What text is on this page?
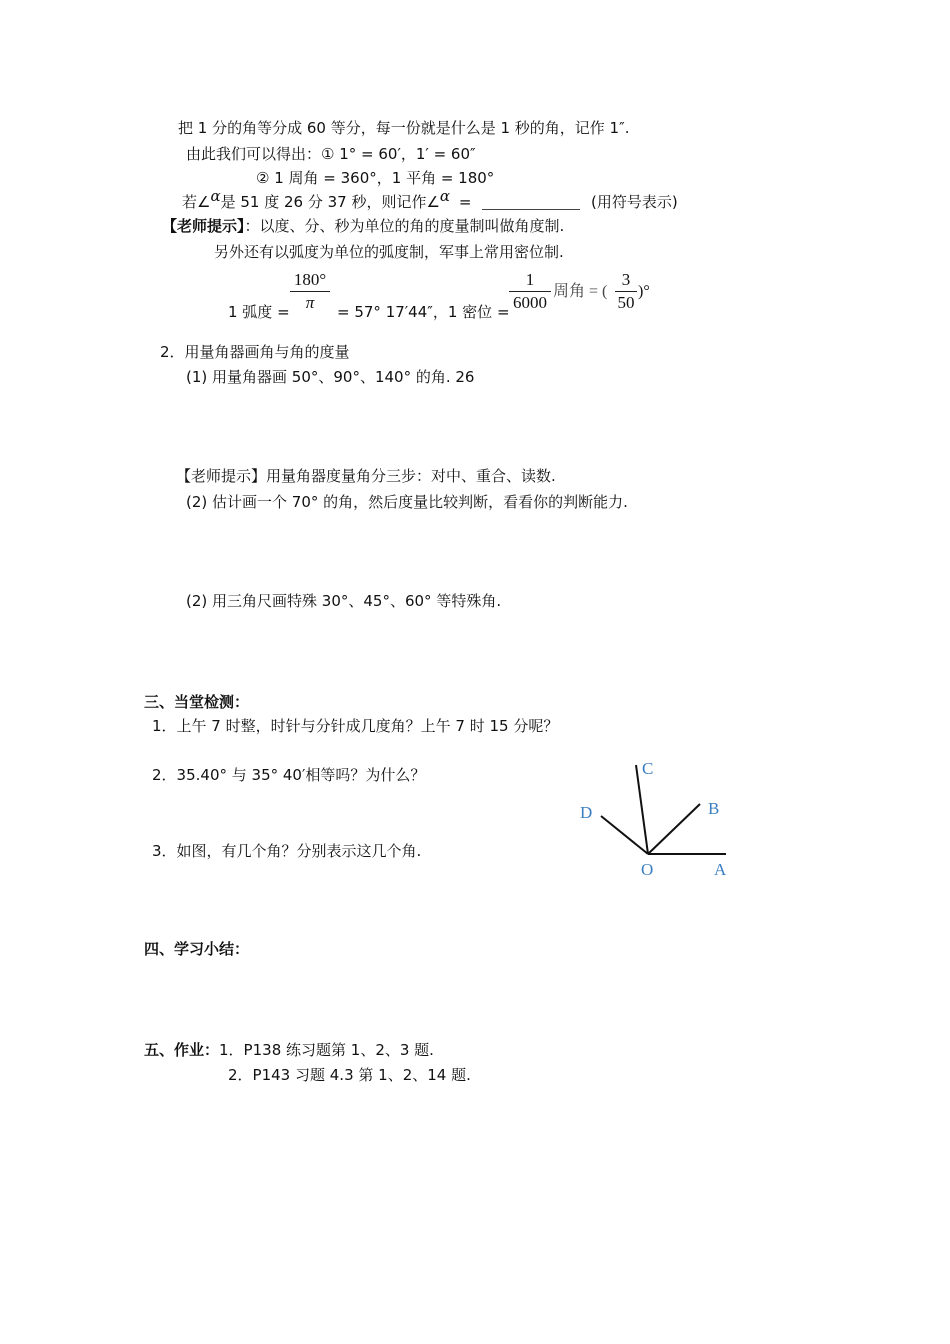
把 1 分的角等分成 60 等分，每一份就是什么是 1 秒的角，记作 1″.
由此我们可以得出：① 1° = 60′，1′ = 60″
② 1 周角 = 360°，1 平角 = 180°
若∠α是 51 度 26 分 37 秒，则记作∠α =	(用符号表示)
【老师提示】：以度、分、秒为单位的角的度量制叫做角度制.
另外还有以弧度为单位的弧度制，军事上常用密位制.
1 弧度 =
180°
π	= 57° 17′44″，1 密位 =
1
6000
周角 = (
3
50
)°
2．用量角器画角与角的度量
(1) 用量角器画 50°、90°、140° 的角. 26
【老师提示】用量角器度量角分三步：对中、重合、读数.
(2) 估计画一个 70° 的角，然后度量比较判断，看看你的判断能力.
(2) 用三角尺画特殊 30°、45°、60° 等特殊角.
三、当堂检测：
1．上午 7 时整，时针与分针成几度角？上午 7 时 15 分呢？
2．35.40° 与 35° 40′相等吗？为什么？
3．如图，有几个角？分别表示这几个角.
C
D	B
O	A
四、学习小结：
五、作业：1．P138 练习题第 1、2、3 题.
2．P143 习题 4.3 第 1、2、14 题.
